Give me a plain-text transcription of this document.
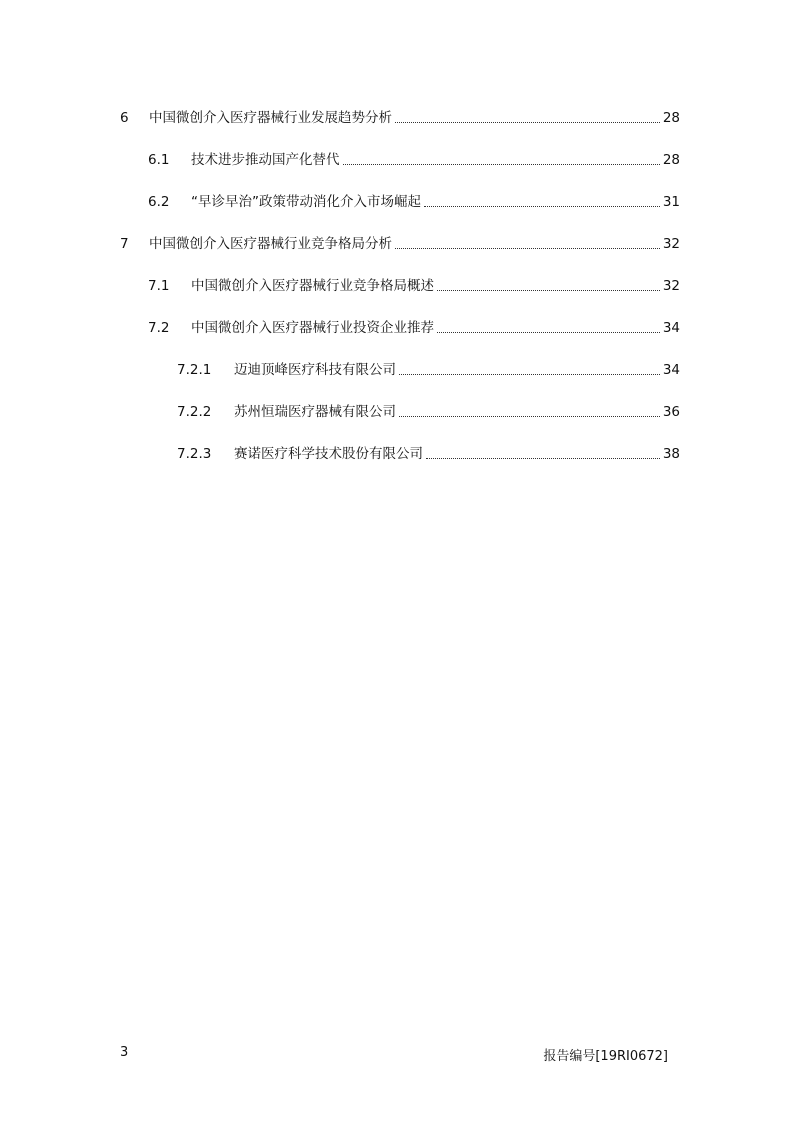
6	中国微创介入医疗器械行业发展趋势分析	28
6.1	技术进步推动国产化替代	28
6.2	“早诊早治”政策带动消化介入市场崛起	31
7	中国微创介入医疗器械行业竞争格局分析	32
7.1	中国微创介入医疗器械行业竞争格局概述	32
7.2	中国微创介入医疗器械行业投资企业推荐	34
7.2.1	迈迪顶峰医疗科技有限公司	34
7.2.2	苏州恒瑞医疗器械有限公司	36
7.2.3	赛诺医疗科学技术股份有限公司	38
3	报告编号[19RI0672]
